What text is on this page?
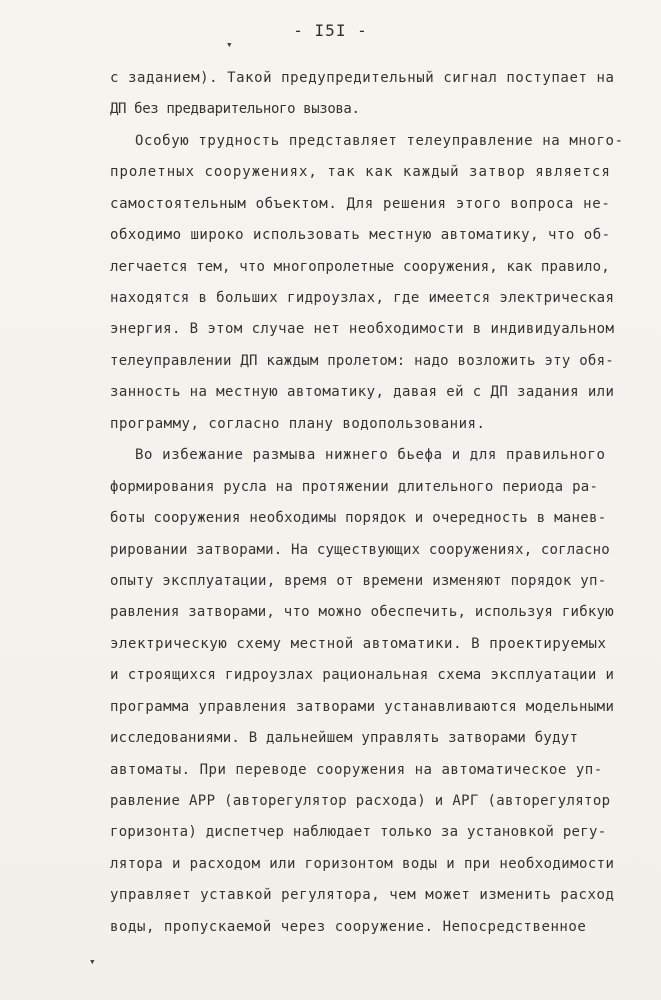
- I5I -
▾
▾
с заданием). Такой предупредительный сигнал поступает на
ДП без предварительного вызова.
Особую трудность представляет телеуправление на много-
пролетных сооружениях, так как каждый затвор является
самостоятельным объектом. Для решения этого вопроса не-
обходимо широко использовать местную автоматику, что об-
легчается тем, что многопролетные сооружения, как правило,
находятся в больших гидроузлах, где имеется электрическая
энергия. В этом случае нет необходимости в индивидуальном
телеуправлении ДП каждым пролетом: надо возложить эту обя-
занность на местную автоматику, давая ей с ДП задания или
программу, согласно плану водопользования.
Во избежание размыва нижнего бьефа и для правильного
формирования русла на протяжении длительного периода ра-
боты сооружения необходимы порядок и очередность в манев-
рировании затворами. На существующих сооружениях, согласно
опыту эксплуатации, время от времени изменяют порядок уп-
равления затворами, что можно обеспечить, используя гибкую
электрическую схему местной автоматики. В проектируемых
и строящихся гидроузлах рациональная схема эксплуатации и
программа управления затворами устанавливаются модельными
исследованиями. В дальнейшем управлять затворами будут
автоматы. При переводе сооружения на автоматическое уп-
равление АРР (авторегулятор расхода) и АРГ (авторегулятор
горизонта) диспетчер наблюдает только за установкой регу-
лятора и расходом или горизонтом воды и при необходимости
управляет уставкой регулятора, чем может изменить расход
воды, пропускаемой через сооружение. Непосредственное
